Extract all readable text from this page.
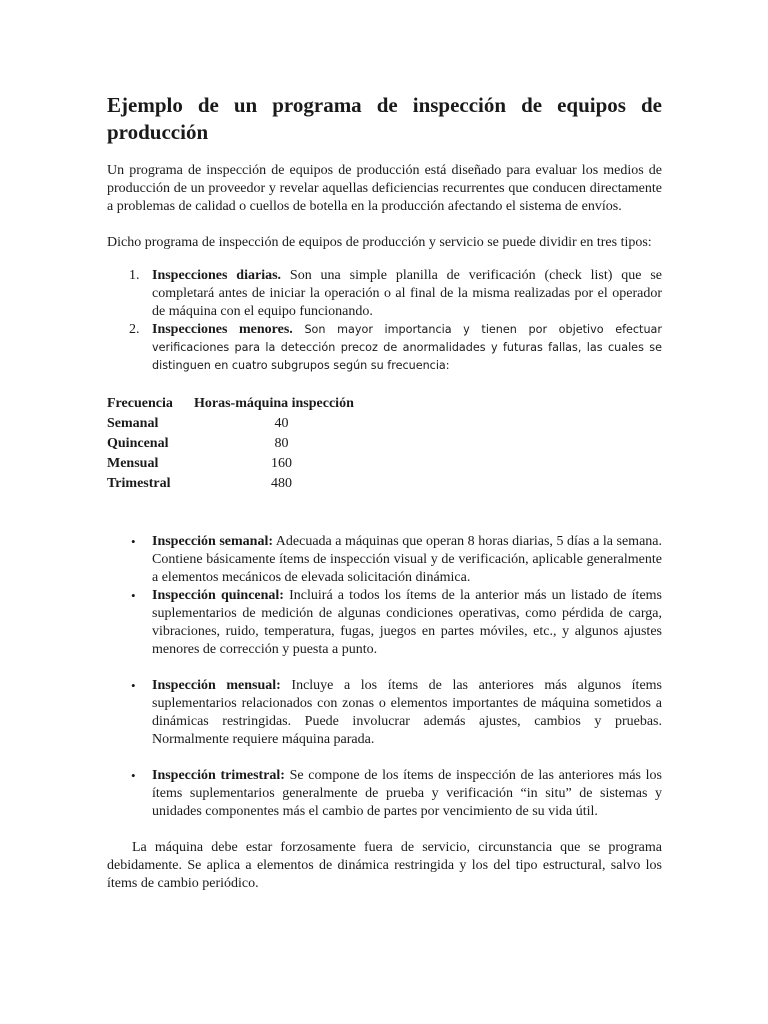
Ejemplo de un programa de inspección de equipos de producción

Un programa de inspección de equipos de producción está diseñado para evaluar los medios de producción de un proveedor y revelar aquellas deficiencias recurrentes que conducen directamente a problemas de calidad o cuellos de botella en la producción afectando el sistema de envíos.

Dicho programa de inspección de equipos de producción y servicio se puede dividir en tres tipos:

1. Inspecciones diarias. Son una simple planilla de verificación (check list) que se completará antes de iniciar la operación o al final de la misma realizadas por el operador de máquina con el equipo funcionando.
2. Inspecciones menores. Son mayor importancia y tienen por objetivo efectuar verificaciones para la detección precoz de anormalidades y futuras fallas, las cuales se distinguen en cuatro subgrupos según su frecuencia:
Frecuencia	Horas-máquina inspección
Semanal	40
Quincenal	80
Mensual	160
Trimestral	480
• Inspección semanal: Adecuada a máquinas que operan 8 horas diarias, 5 días a la semana. Contiene básicamente ítems de inspección visual y de verificación, aplicable generalmente a elementos mecánicos de elevada solicitación dinámica.
• Inspección quincenal: Incluirá a todos los ítems de la anterior más un listado de ítems suplementarios de medición de algunas condiciones operativas, como pérdida de carga, vibraciones, ruido, temperatura, fugas, juegos en partes móviles, etc., y algunos ajustes menores de corrección y puesta a punto.
• Inspección mensual: Incluye a los ítems de las anteriores más algunos ítems suplementarios relacionados con zonas o elementos importantes de máquina sometidos a dinámicas restringidas. Puede involucrar además ajustes, cambios y pruebas. Normalmente requiere máquina parada.
• Inspección trimestral: Se compone de los ítems de inspección de las anteriores más los ítems suplementarios generalmente de prueba y verificación “in situ” de sistemas y unidades componentes más el cambio de partes por vencimiento de su vida útil.

La máquina debe estar forzosamente fuera de servicio, circunstancia que se programa debidamente. Se aplica a elementos de dinámica restringida y los del tipo estructural, salvo los ítems de cambio periódico.
